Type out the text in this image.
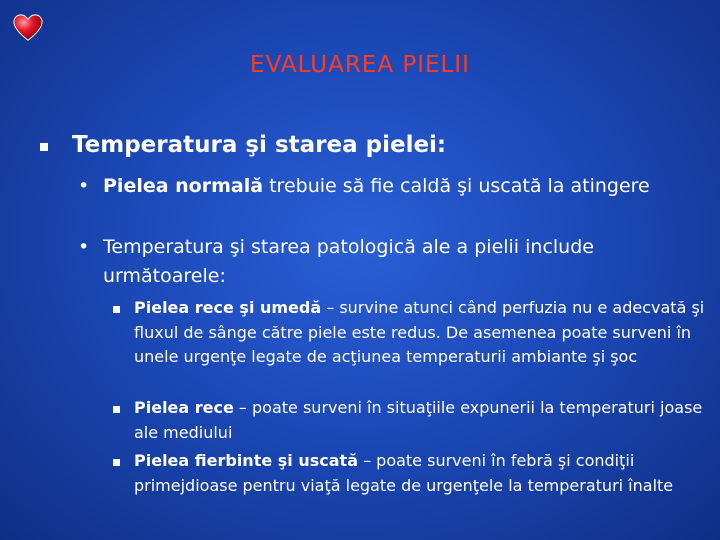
EVALUAREA PIELII
Temperatura şi starea pielei:
• Pielea normală trebuie să fie caldă şi uscată la atingere
• Temperatura şi starea patologică ale a pielii include următoarele:
Pielea rece şi umedă – survine atunci când perfuzia nu e adecvată şi fluxul de sânge către piele este redus. De asemenea poate surveni în unele urgenţe legate de acţiunea temperaturii ambiante şi şoc
Pielea rece – poate surveni în situaţiile expunerii la temperaturi joase ale mediului
Pielea fierbinte şi uscată – poate surveni în febră şi condiţii primejdioase pentru viaţă legate de urgenţele la temperaturi înalte
